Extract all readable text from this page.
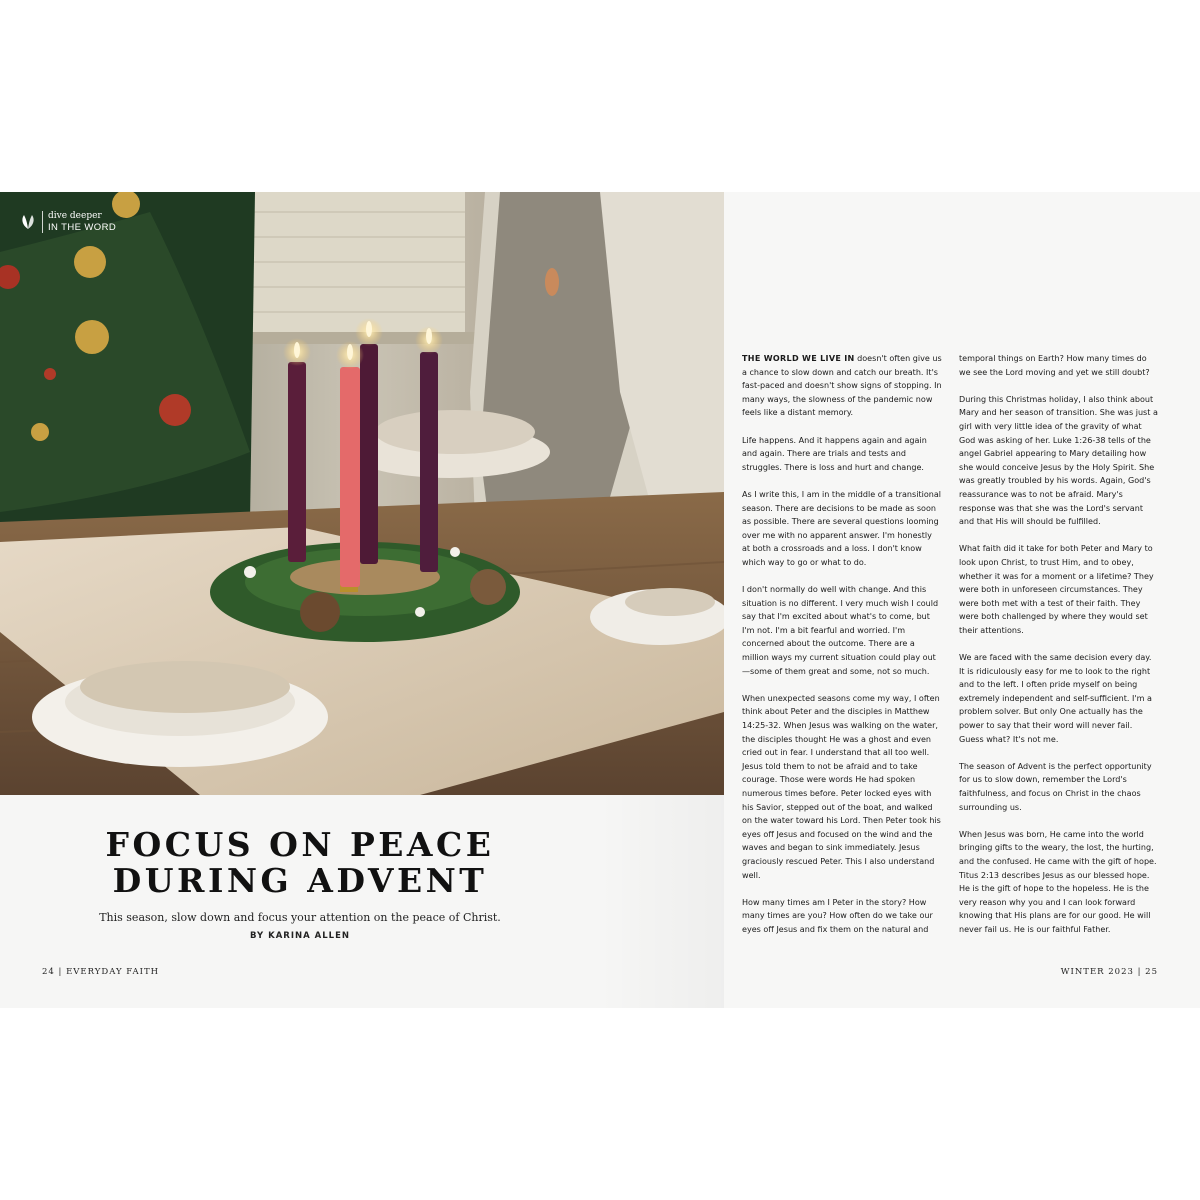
dive deeper
IN THE WORD
FOCUS ON PEACE
DURING ADVENT
This season, slow down and focus your attention on the peace of Christ.
BY KARINA ALLEN
24 | EVERYDAY FAITH	WINTER 2023 | 25

THE WORLD WE LIVE IN doesn't often give us a chance to slow down and catch our breath. It's fast-paced and doesn't show signs of stopping. In many ways, the slowness of the pandemic now feels like a distant memory.

Life happens. And it happens again and again and again. There are trials and tests and struggles. There is loss and hurt and change.

As I write this, I am in the middle of a transitional season. There are decisions to be made as soon as possible. There are several questions looming over me with no apparent answer. I'm honestly at both a crossroads and a loss. I don't know which way to go or what to do.

I don't normally do well with change. And this situation is no different. I very much wish I could say that I'm excited about what's to come, but I'm not. I'm a bit fearful and worried. I'm concerned about the outcome. There are a million ways my current situation could play out—some of them great and some, not so much.

When unexpected seasons come my way, I often think about Peter and the disciples in Matthew 14:25-32. When Jesus was walking on the water, the disciples thought He was a ghost and even cried out in fear. I understand that all too well. Jesus told them to not be afraid and to take courage. Those were words He had spoken numerous times before. Peter locked eyes with his Savior, stepped out of the boat, and walked on the water toward his Lord. Then Peter took his eyes off Jesus and focused on the wind and the waves and began to sink immediately. Jesus graciously rescued Peter. This I also understand well.

How many times am I Peter in the story? How many times are you? How often do we take our eyes off Jesus and fix them on the natural and

temporal things on Earth? How many times do we see the Lord moving and yet we still doubt?

During this Christmas holiday, I also think about Mary and her season of transition. She was just a girl with very little idea of the gravity of what God was asking of her. Luke 1:26-38 tells of the angel Gabriel appearing to Mary detailing how she would conceive Jesus by the Holy Spirit. She was greatly troubled by his words. Again, God's reassurance was to not be afraid. Mary's response was that she was the Lord's servant and that His will should be fulfilled.

What faith did it take for both Peter and Mary to look upon Christ, to trust Him, and to obey, whether it was for a moment or a lifetime? They were both in unforeseen circumstances. They were both met with a test of their faith. They were both challenged by where they would set their attentions.

We are faced with the same decision every day. It is ridiculously easy for me to look to the right and to the left. I often pride myself on being extremely independent and self-sufficient. I'm a problem solver. But only One actually has the power to say that their word will never fail. Guess what? It's not me.

The season of Advent is the perfect opportunity for us to slow down, remember the Lord's faithfulness, and focus on Christ in the chaos surrounding us.

When Jesus was born, He came into the world bringing gifts to the weary, the lost, the hurting, and the confused. He came with the gift of hope. Titus 2:13 describes Jesus as our blessed hope. He is the gift of hope to the hopeless. He is the very reason why you and I can look forward knowing that His plans are for our good. He will never fail us. He is our faithful Father.
